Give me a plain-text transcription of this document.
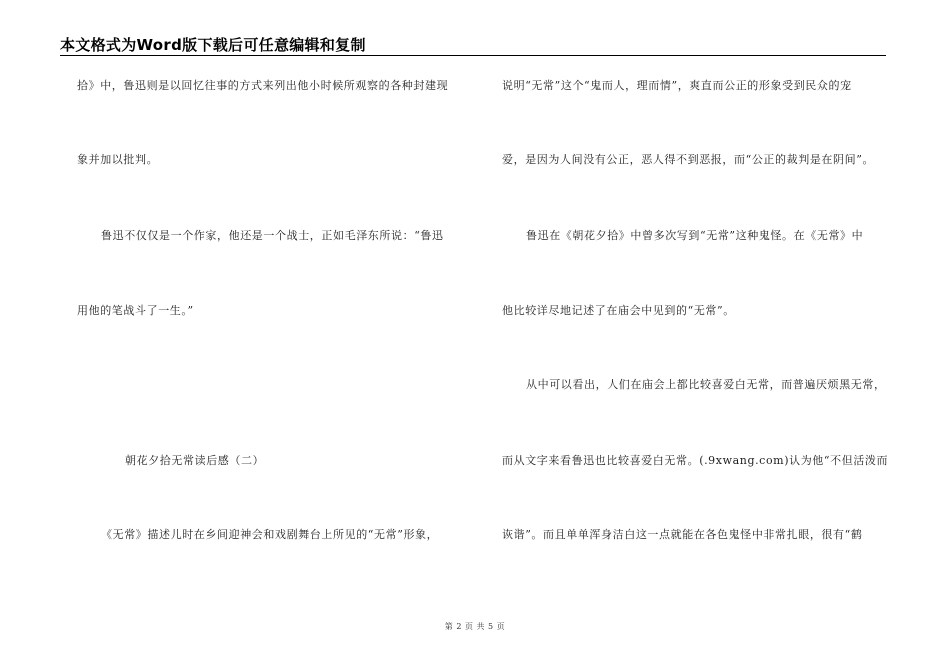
本文格式为Word版下载后可任意编辑和复制
拾》中，鲁迅则是以回忆往事的方式来列出他小时候所观察的各种封建现
象并加以批判。
鲁迅不仅仅是一个作家，他还是一个战士，正如毛泽东所说：“鲁迅
用他的笔战斗了一生。”
朝花夕拾无常读后感（二）
《无常》描述儿时在乡间迎神会和戏剧舞台上所见的“无常”形象，
说明“无常”这个“鬼而人，理而情”，爽直而公正的形象受到民众的宠
爱，是因为人间没有公正，恶人得不到恶报，而“公正的裁判是在阴间”。
鲁迅在《朝花夕拾》中曾多次写到“无常”这种鬼怪。在《无常》中
他比较详尽地记述了在庙会中见到的“无常”。
从中可以看出，人们在庙会上都比较喜爱白无常，而普遍厌烦黑无常，
而从文字来看鲁迅也比较喜爱白无常。(.9xwang.com)认为他“不但活泼而
诙谐”。而且单单浑身洁白这一点就能在各色鬼怪中非常扎眼，很有“鹤
第 2 页 共 5 页
